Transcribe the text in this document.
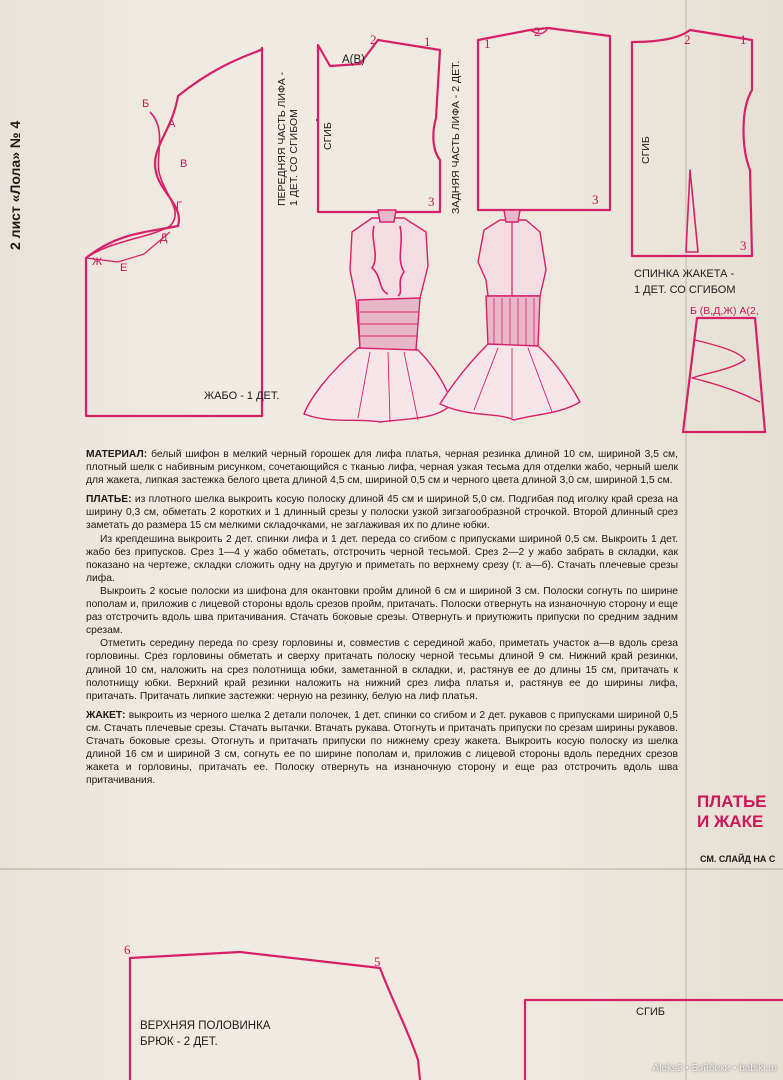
2 лист «Лола» № 4	ПЕРЕДНЯЯ ЧАСТЬ ЛИФА -
1 ДЕТ. СО СГИБОМ СГИБ	ЗАДНЯЯ ЧАСТЬ ЛИФА - 2 ДЕТ.	СГИБ
А(В)
СПИНКА ЖАКЕТА -
1 ДЕТ. СО СГИБОМ
Б (В,Д,Ж) А(2,
ЖАБО - 1 ДЕТ.
ВЕРХНЯЯ ПОЛОВИНКА
БРЮК - 2 ДЕТ.
СГИБ
Б
А
В
Г
Д
Е
Ж
2	1
3
1
2
3
2	1
3
6
5

МАТЕРИАЛ: белый шифон в мелкий черный горошек для лифа платья, черная резинка длиной 10 см, шириной 3,5 см, плотный шелк с набивным рисунком, сочетающийся с тканью лифа, черная узкая тесьма для отделки жабо, черный шелк для жакета, липкая застежка белого цвета длиной 4,5 см, шириной 0,5 см и черного цвета длиной 3,0 см, шириной 1,5 см.

ПЛАТЬЕ: из плотного шелка выкроить косую полоску длиной 45 см и шириной 5,0 см. Подгибая под иголку край среза на ширину 0,3 см, обметать 2 коротких и 1 длинный срезы у полоски узкой зигзагообразной строчкой. Второй длинный срез заметать до размера 15 см мелкими складочками, не заглаживая их по длине юбки.

Из крепдешина выкроить 2 дет. спинки лифа и 1 дет. переда со сгибом с припусками шириной 0,5 см. Выкроить 1 дет. жабо без припусков. Срез 1—4 у жабо обметать, отстрочить черной тесьмой. Срез 2—2 у жабо забрать в складки, как показано на чертеже, складки сложить одну на другую и приметать по верхнему срезу (т. а—б). Стачать плечевые срезы лифа.

Выкроить 2 косые полоски из шифона для окантовки пройм длиной 6 см и шириной 3 см. Полоски согнуть по ширине пополам и, приложив с лицевой стороны вдоль срезов пройм, притачать. Полоски отвернуть на изнаночную сторону и еще раз отстрочить вдоль шва притачивания. Стачать боковые срезы. Отвернуть и приутюжить припуски по средним задним срезам.

Отметить середину переда по срезу горловины и, совместив с серединой жабо, приметать участок а—в вдоль среза горловины. Срез горловины обметать и сверху притачать полоску черной тесьмы длиной 9 см. Нижний край резинки, длиной 10 см, наложить на срез полотнища юбки, заметанной в складки, и, растянув ее до длины 15 см, притачать к полотнищу юбки. Верхний край резинки наложить на нижний срез лифа платья и, растянув ее до ширины лифа, притачать. Притачать липкие застежки: черную на резинку, белую на лиф платья.

ЖАКЕТ: выкроить из черного шелка 2 детали полочек, 1 дет. спинки со сгибом и 2 дет. рукавов с припусками шириной 0,5 см. Стачать плечевые срезы. Стачать вытачки. Втачать рукава. Отогнуть и притачать припуски по срезам ширины рукавов. Стачать боковые срезы. Отогнуть и притачать припуски по нижнему срезу жакета. Выкроить косую полоску из шелка длиной 16 см и шириной 3 см, согнуть ее по ширине пополам и, приложив с лицевой стороны вдоль передних срезов жакета и горловины, притачать ее. Полоску отвернуть на изнаночную сторону и еще раз отстрочить вдоль шва притачивания.

ПЛАТЬЕ
И ЖАКЕ
СМ. СЛАЙД НА С
Aleks2 • Бэйбики • babiki.ru
